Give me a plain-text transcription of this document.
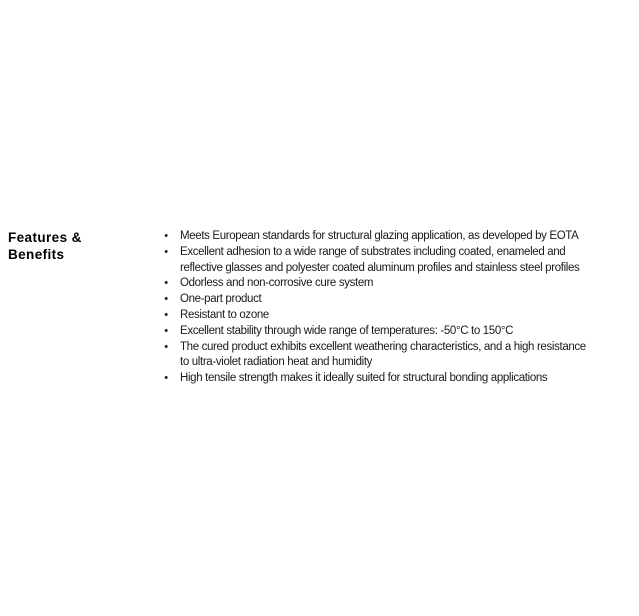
Features &
Benefits
• Meets European standards for structural glazing application, as developed by EOTA
• Excellent adhesion to a wide range of substrates including coated, enameled and
reflective glasses and polyester coated aluminum profiles and stainless steel profiles
• Odorless and non-corrosive cure system
• One-part product
• Resistant to ozone
• Excellent stability through wide range of temperatures: -50°C to 150°C
• The cured product exhibits excellent weathering characteristics, and a high resistance
to ultra-violet radiation heat and humidity
• High tensile strength makes it ideally suited for structural bonding applications
